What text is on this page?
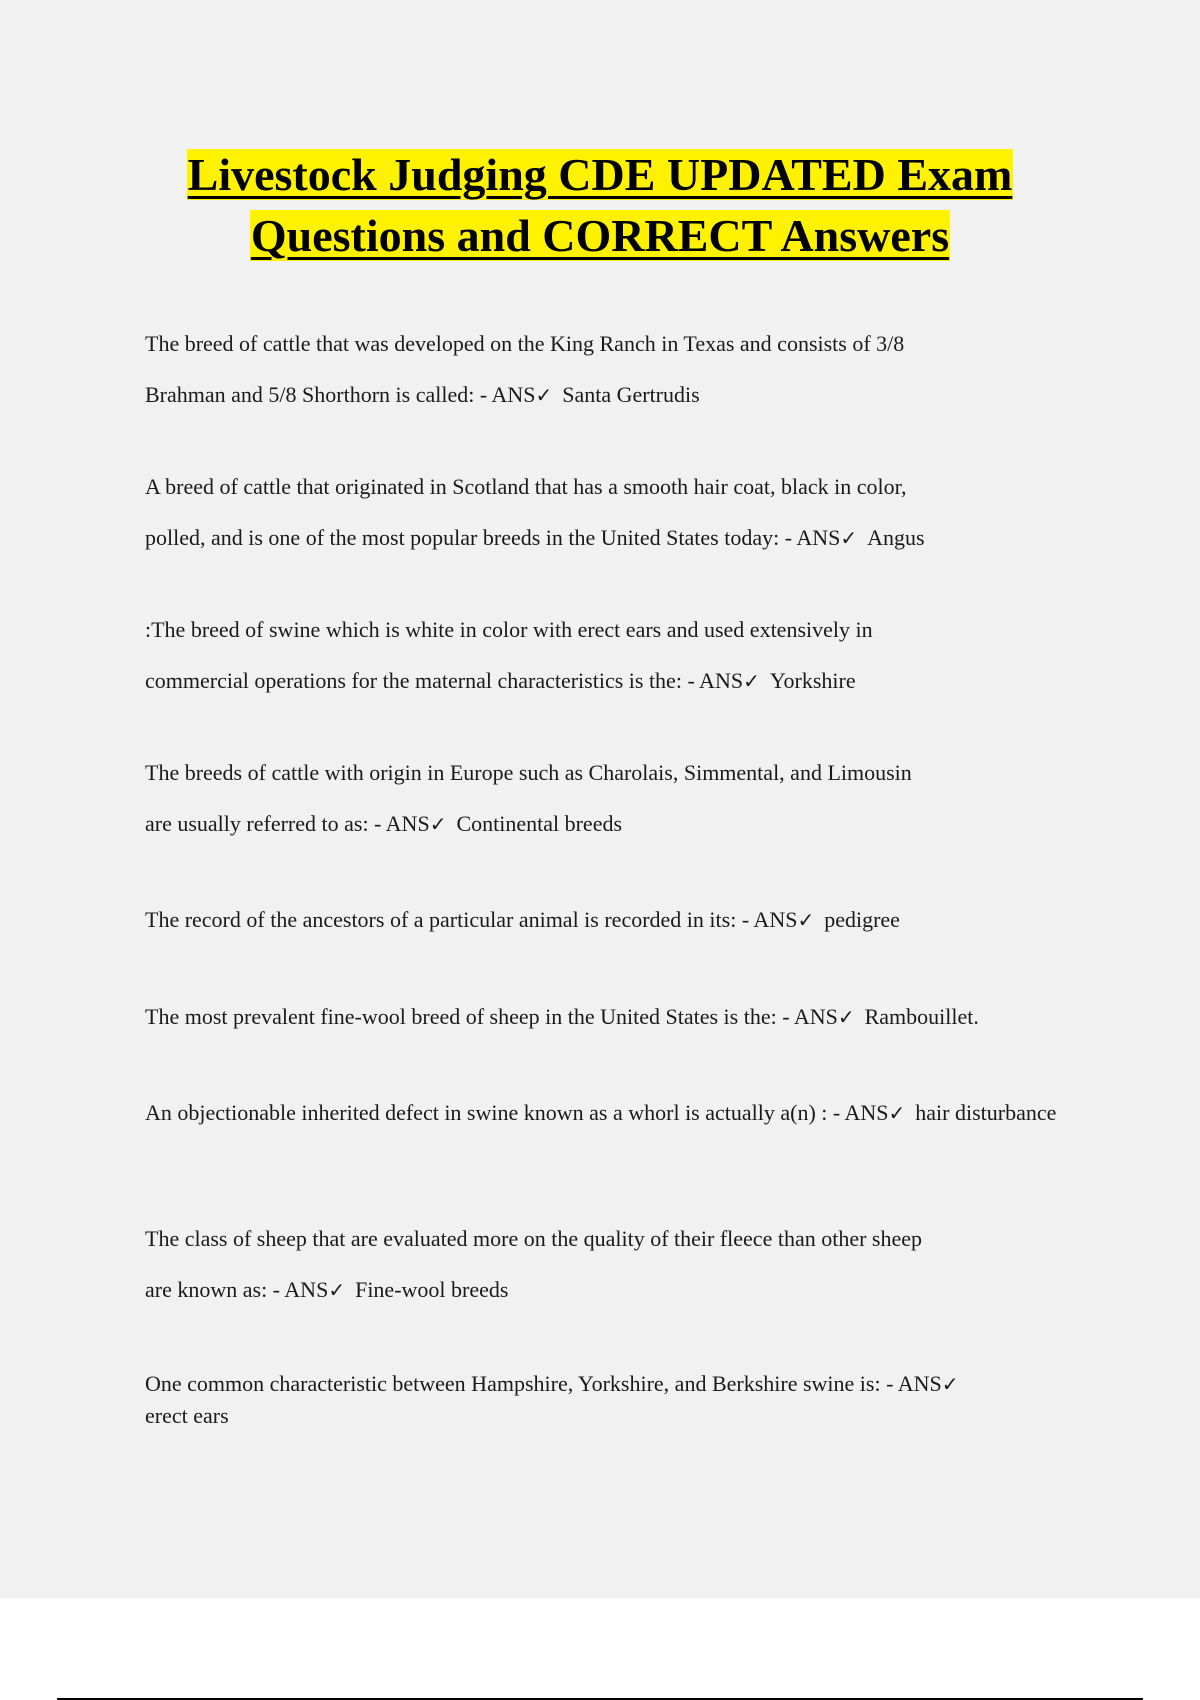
Livestock Judging CDE UPDATED Exam
Questions and CORRECT Answers

The breed of cattle that was developed on the King Ranch in Texas and consists of 3/8
Brahman and 5/8 Shorthorn is called: - ANS✓ Santa Gertrudis

A breed of cattle that originated in Scotland that has a smooth hair coat, black in color,
polled, and is one of the most popular breeds in the United States today: - ANS✓ Angus

:The breed of swine which is white in color with erect ears and used extensively in
commercial operations for the maternal characteristics is the: - ANS✓ Yorkshire

The breeds of cattle with origin in Europe such as Charolais, Simmental, and Limousin
are usually referred to as: - ANS✓ Continental breeds

The record of the ancestors of a particular animal is recorded in its: - ANS✓ pedigree

The most prevalent fine-wool breed of sheep in the United States is the: - ANS✓ Rambouillet.

An objectionable inherited defect in swine known as a whorl is actually a(n) : - ANS✓ hair disturbance

The class of sheep that are evaluated more on the quality of their fleece than other sheep
are known as: - ANS✓ Fine-wool breeds

One common characteristic between Hampshire, Yorkshire, and Berkshire swine is: - ANS✓
erect ears
